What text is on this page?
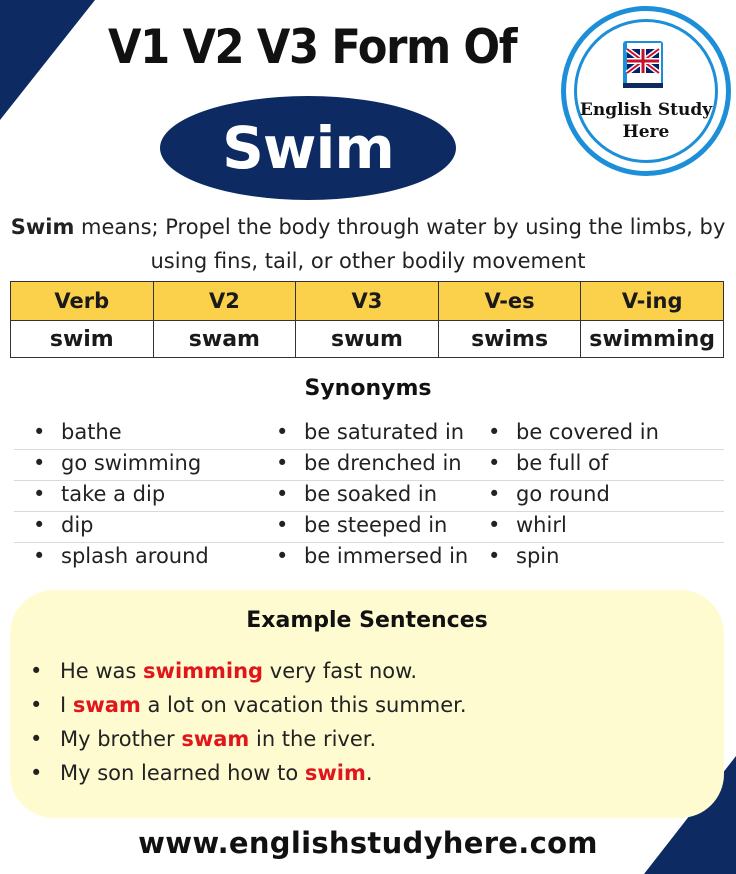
V1 V2 V3 Form Of
Swim
English Study
Here
Swim means; Propel the body through water by using the limbs, by using fins, tail, or other bodily movement
Verb	V2	V3	V-es	V-ing
swim	swam	swum	swims	swimming
Synonyms
• bathe	• be saturated in • be covered in
• go swimming	• be drenched in	• be full of
• take a dip	• be soaked in	• go round
• dip	• be steeped in	• whirl
• splash around	• be immersed in • spin
Example Sentences
• He was swimming very fast now.
• I swam a lot on vacation this summer.
• My brother swam in the river.
• My son learned how to swim.
www.englishstudyhere.com
